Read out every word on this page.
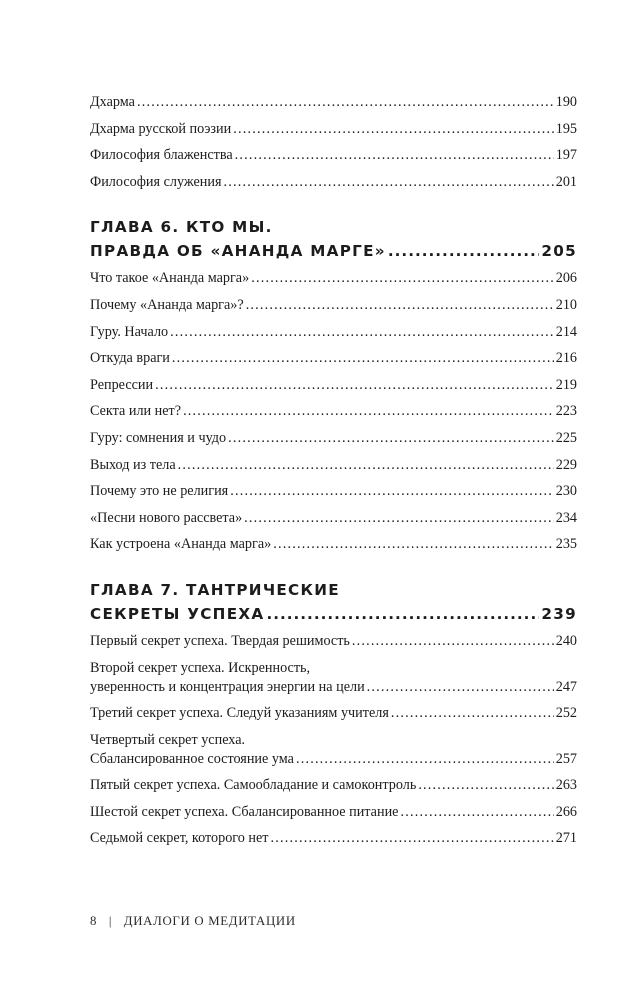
Дхарма .....	190
Дхарма русской поэзии .....	195
Философия блаженства .....	197
Философия служения .....	201
ГЛАВА 6. КТО МЫ.
ПРАВДА ОБ «АНАНДА МАРГЕ» .....	205
Что такое «Ананда марга» .....	206
Почему «Ананда марга»? .....	210
Гуру. Начало .....	214
Откуда враги .....	216
Репрессии .....	219
Секта или нет? .....	223
Гуру: сомнения и чудо .....	225
Выход из тела .....	229
Почему это не религия .....	230
«Песни нового рассвета» .....	234
Как устроена «Ананда марга» .....	235
ГЛАВА 7. ТАНТРИЧЕСКИЕ
СЕКРЕТЫ УСПЕХА .....	239
Первый секрет успеха. Твердая решимость .....	240
Второй секрет успеха. Искренность,
уверенность и концентрация энергии на цели .....	247
Третий секрет успеха. Следуй указаниям учителя .....	252
Четвертый секрет успеха.
Сбалансированное состояние ума .....	257
Пятый секрет успеха. Самообладание и самоконтроль .....	263
Шестой секрет успеха. Сбалансированное питание .....	266
Седьмой секрет, которого нет .....	271
8 | ДИАЛОГИ О МЕДИТАЦИИ
